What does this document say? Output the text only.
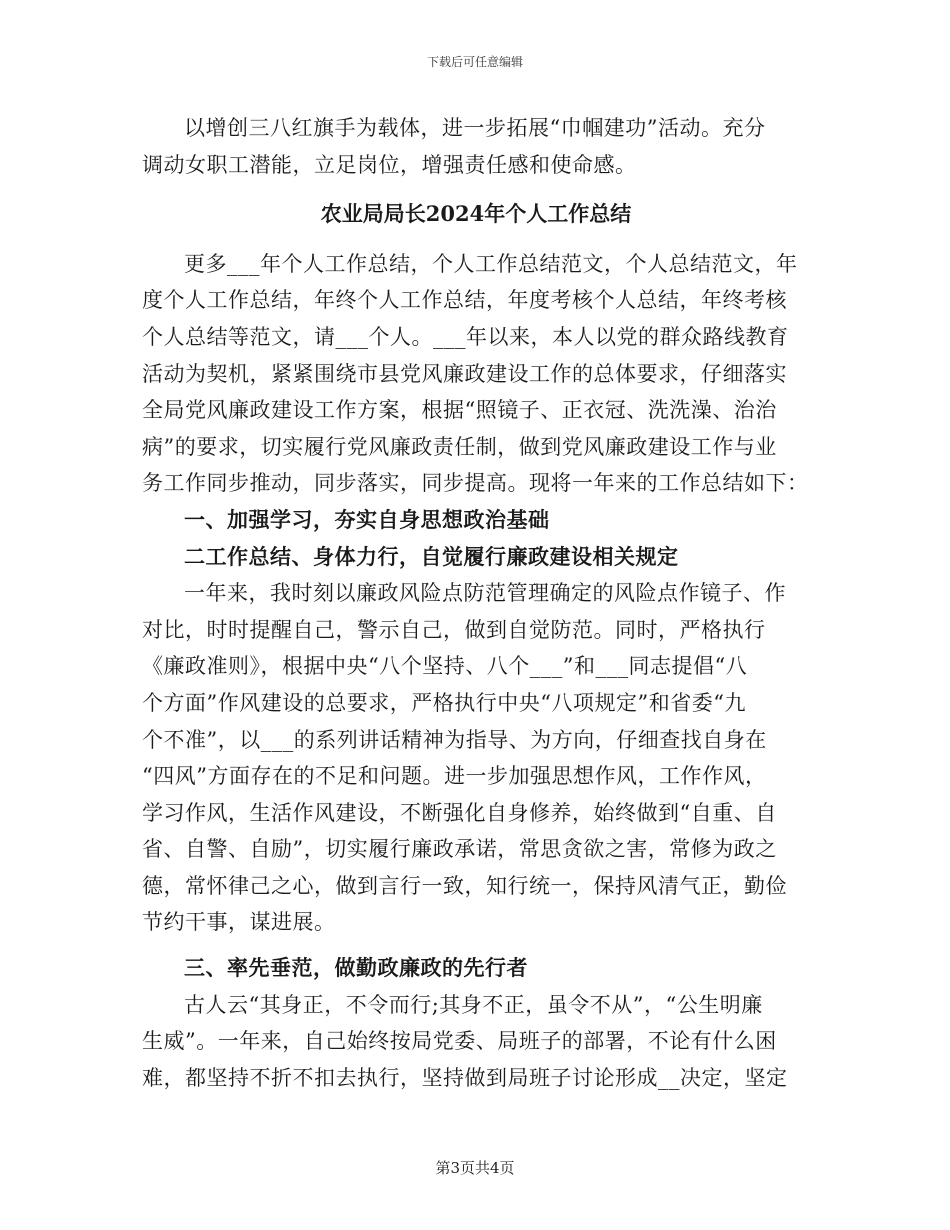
下载后可任意编辑
以增创三八红旗手为载体，进一步拓展“巾帼建功”活动。充分
调动女职工潜能，立足岗位，增强责任感和使命感。
农业局局长2024年个人工作总结
更多___年个人工作总结，个人工作总结范文，个人总结范文，年
度个人工作总结，年终个人工作总结，年度考核个人总结，年终考核
个人总结等范文，请___个人。___年以来，本人以党的群众路线教育
活动为契机，紧紧围绕市县党风廉政建设工作的总体要求，仔细落实
全局党风廉政建设工作方案，根据“照镜子、正衣冠、洗洗澡、治治
病”的要求，切实履行党风廉政责任制，做到党风廉政建设工作与业
务工作同步推动，同步落实，同步提高。现将一年来的工作总结如下：
一、加强学习，夯实自身思想政治基础
二工作总结、身体力行，自觉履行廉政建设相关规定
一年来，我时刻以廉政风险点防范管理确定的风险点作镜子、作
对比，时时提醒自己，警示自己，做到自觉防范。同时，严格执行
《廉政准则》，根据中央“八个坚持、八个___”和___同志提倡“八
个方面”作风建设的总要求，严格执行中央“八项规定”和省委“九
个不准”，以___的系列讲话精神为指导、为方向，仔细查找自身在
“四风”方面存在的不足和问题。进一步加强思想作风，工作作风，
学习作风，生活作风建设，不断强化自身修养，始终做到“自重、自
省、自警、自励”，切实履行廉政承诺，常思贪欲之害，常修为政之
德，常怀律己之心，做到言行一致，知行统一，保持风清气正，勤俭
节约干事，谋进展。
三、率先垂范，做勤政廉政的先行者
古人云“其身正，不令而行;其身不正，虽令不从”，“公生明廉
生威”。一年来，自己始终按局党委、局班子的部署，不论有什么困
难，都坚持不折不扣去执行，坚持做到局班子讨论形成__决定，坚定
第3页共4页
